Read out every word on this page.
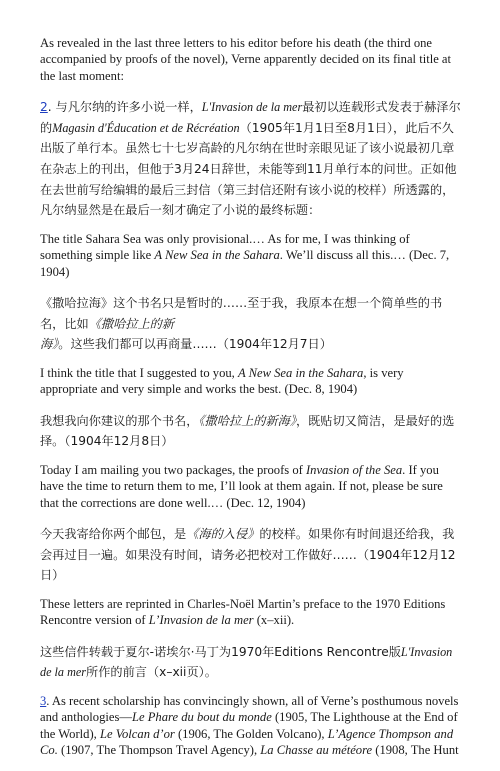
As revealed in the last three letters to his editor before his death (the third one accompanied by proofs of the novel), Verne apparently decided on its final title at the last moment:

2. 与凡尔纳的许多小说一样，L'Invasion de la mer最初以连载形式发表于赫泽尔的Magasin d'Éducation et de Récréation（1905年1月1日至8月1日），此后不久出版了单行本。虽然七十七岁高龄的凡尔纳在世时亲眼见证了该小说最初几章在杂志上的刊出，但他于3月24日辞世，未能等到11月单行本的问世。正如他在去世前写给编辑的最后三封信（第三封信还附有该小说的校样）所透露的，凡尔纳显然是在最后一刻才确定了小说的最终标题：

The title Sahara Sea was only provisional.… As for me, I was thinking of something simple like A New Sea in the Sahara. We’ll discuss all this.… (Dec. 7, 1904)

《撒哈拉海》这个书名只是暂时的……至于我，我原本在想一个简单些的书名，比如《撒哈拉上的新海》。这些我们都可以再商量……（1904年12月7日）

I think the title that I suggested to you, A New Sea in the Sahara, is very appropriate and very simple and works the best. (Dec. 8, 1904)

我想我向你建议的那个书名，《撒哈拉上的新海》，既贴切又简洁，是最好的选择。（1904年12月8日）

Today I am mailing you two packages, the proofs of Invasion of the Sea. If you have the time to return them to me, I’ll look at them again. If not, please be sure that the corrections are done well.… (Dec. 12, 1904)

今天我寄给你两个邮包，是《海的入侵》的校样。如果你有时间退还给我，我会再过目一遍。如果没有时间，请务必把校对工作做好……（1904年12月12日）

These letters are reprinted in Charles-Noël Martin’s preface to the 1970 Editions Rencontre version of L’Invasion de la mer (x–xii).

这些信件转载于夏尔-诺埃尔·马丁为1970年Editions Rencontre版L'Invasion de la mer所作的前言（x–xii页）。

3. As recent scholarship has convincingly shown, all of Verne’s posthumous novels and anthologies—Le Phare du bout du monde (1905, The Lighthouse at the End of the World), Le Volcan d’or (1906, The Golden Volcano), L’Agence Thompson and Co. (1907, The Thompson Travel Agency), La Chasse au météore (1908, The Hunt
